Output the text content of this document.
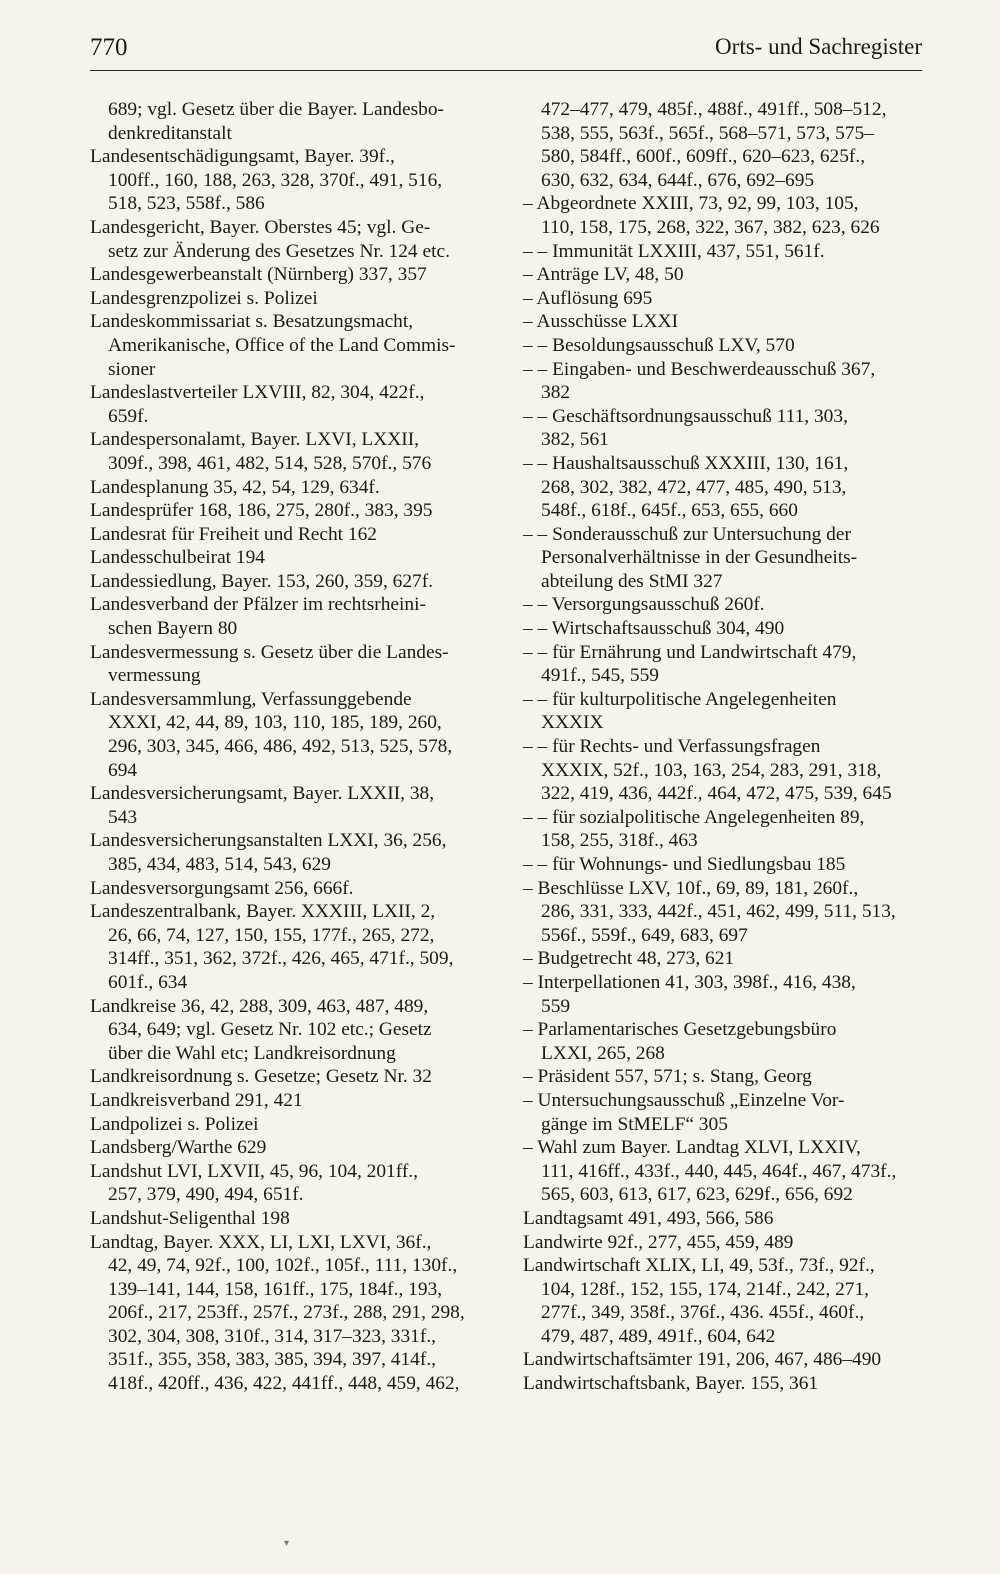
770	Orts- und Sachregister
689; vgl. Gesetz über die Bayer. Landesbo-
denkreditanstalt
Landesentschädigungsamt, Bayer. 39f.,
100ff., 160, 188, 263, 328, 370f., 491, 516,
518, 523, 558f., 586
Landesgericht, Bayer. Oberstes 45; vgl. Ge-
setz zur Änderung des Gesetzes Nr. 124 etc.
Landesgewerbeanstalt (Nürnberg) 337, 357
Landesgrenzpolizei s. Polizei
Landeskommissariat s. Besatzungsmacht,
Amerikanische, Office of the Land Commis-
sioner
Landeslastverteiler LXVIII, 82, 304, 422f.,
659f.
Landespersonalamt, Bayer. LXVI, LXXII,
309f., 398, 461, 482, 514, 528, 570f., 576
Landesplanung 35, 42, 54, 129, 634f.
Landesprüfer 168, 186, 275, 280f., 383, 395
Landesrat für Freiheit und Recht 162
Landesschulbeirat 194
Landessiedlung, Bayer. 153, 260, 359, 627f.
Landesverband der Pfälzer im rechtsrheini-
schen Bayern 80
Landesvermessung s. Gesetz über die Landes-
vermessung
Landesversammlung, Verfassunggebende
XXXI, 42, 44, 89, 103, 110, 185, 189, 260,
296, 303, 345, 466, 486, 492, 513, 525, 578,
694
Landesversicherungsamt, Bayer. LXXII, 38,
543
Landesversicherungsanstalten LXXI, 36, 256,
385, 434, 483, 514, 543, 629
Landesversorgungsamt 256, 666f.
Landeszentralbank, Bayer. XXXIII, LXII, 2,
26, 66, 74, 127, 150, 155, 177f., 265, 272,
314ff., 351, 362, 372f., 426, 465, 471f., 509,
601f., 634
Landkreise 36, 42, 288, 309, 463, 487, 489,
634, 649; vgl. Gesetz Nr. 102 etc.; Gesetz
über die Wahl etc; Landkreisordnung
Landkreisordnung s. Gesetze; Gesetz Nr. 32
Landkreisverband 291, 421
Landpolizei s. Polizei
Landsberg/Warthe 629
Landshut LVI, LXVII, 45, 96, 104, 201ff.,
257, 379, 490, 494, 651f.
Landshut-Seligenthal 198
Landtag, Bayer. XXX, LI, LXI, LXVI, 36f.,
42, 49, 74, 92f., 100, 102f., 105f., 111, 130f.,
139–141, 144, 158, 161ff., 175, 184f., 193,
206f., 217, 253ff., 257f., 273f., 288, 291, 298,
302, 304, 308, 310f., 314, 317–323, 331f.,
351f., 355, 358, 383, 385, 394, 397, 414f.,
418f., 420ff., 436, 422, 441ff., 448, 459, 462,
472–477, 479, 485f., 488f., 491ff., 508–512,
538, 555, 563f., 565f., 568–571, 573, 575–
580, 584ff., 600f., 609ff., 620–623, 625f.,
630, 632, 634, 644f., 676, 692–695
– Abgeordnete XXIII, 73, 92, 99, 103, 105,
110, 158, 175, 268, 322, 367, 382, 623, 626
– – Immunität LXXIII, 437, 551, 561f.
– Anträge LV, 48, 50
– Auflösung 695
– Ausschüsse LXXI
– – Besoldungsausschuß LXV, 570
– – Eingaben- und Beschwerdeausschuß 367,
382
– – Geschäftsordnungsausschuß 111, 303,
382, 561
– – Haushaltsausschuß XXXIII, 130, 161,
268, 302, 382, 472, 477, 485, 490, 513,
548f., 618f., 645f., 653, 655, 660
– – Sonderausschuß zur Untersuchung der
Personalverhältnisse in der Gesundheits-
abteilung des StMI 327
– – Versorgungsausschuß 260f.
– – Wirtschaftsausschuß 304, 490
– – für Ernährung und Landwirtschaft 479,
491f., 545, 559
– – für kulturpolitische Angelegenheiten
XXXIX
– – für Rechts- und Verfassungsfragen
XXXIX, 52f., 103, 163, 254, 283, 291, 318,
322, 419, 436, 442f., 464, 472, 475, 539, 645
– – für sozialpolitische Angelegenheiten 89,
158, 255, 318f., 463
– – für Wohnungs- und Siedlungsbau 185
– Beschlüsse LXV, 10f., 69, 89, 181, 260f.,
286, 331, 333, 442f., 451, 462, 499, 511, 513,
556f., 559f., 649, 683, 697
– Budgetrecht 48, 273, 621
– Interpellationen 41, 303, 398f., 416, 438,
559
– Parlamentarisches Gesetzgebungsbüro
LXXI, 265, 268
– Präsident 557, 571; s. Stang, Georg
– Untersuchungsausschuß „Einzelne Vor-
gänge im StMELF“ 305
– Wahl zum Bayer. Landtag XLVI, LXXIV,
111, 416ff., 433f., 440, 445, 464f., 467, 473f.,
565, 603, 613, 617, 623, 629f., 656, 692
Landtagsamt 491, 493, 566, 586
Landwirte 92f., 277, 455, 459, 489
Landwirtschaft XLIX, LI, 49, 53f., 73f., 92f.,
104, 128f., 152, 155, 174, 214f., 242, 271,
277f., 349, 358f., 376f., 436. 455f., 460f.,
479, 487, 489, 491f., 604, 642
Landwirtschaftsämter 191, 206, 467, 486–490
Landwirtschaftsbank, Bayer. 155, 361
▾
